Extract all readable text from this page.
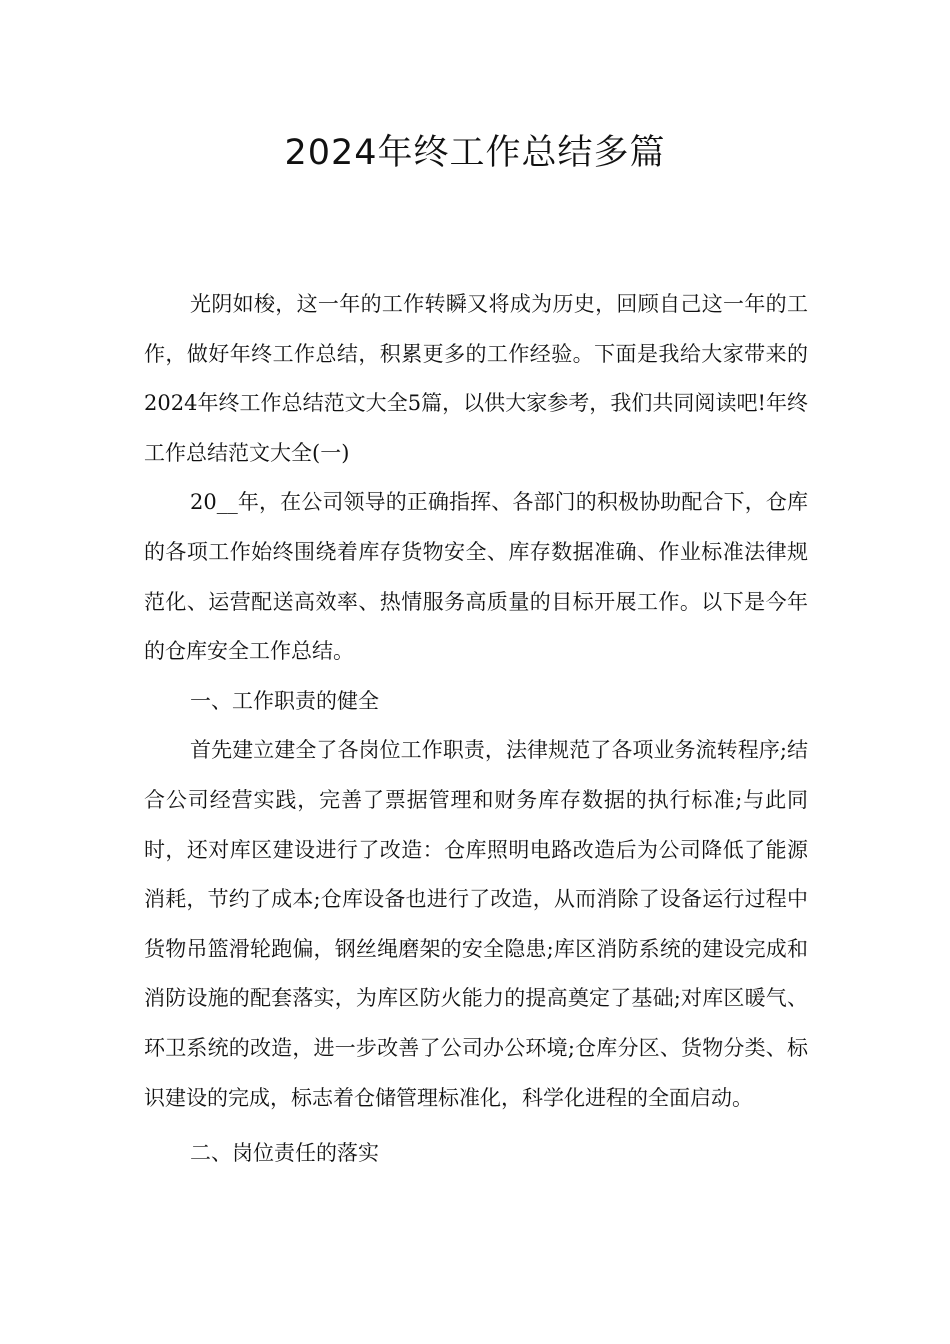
2024年终工作总结多篇

光阴如梭，这一年的工作转瞬又将成为历史，回顾自己这一年的工作，做好年终工作总结，积累更多的工作经验。下面是我给大家带来的2024年终工作总结范文大全5篇，以供大家参考，我们共同阅读吧!年终工作总结范文大全(一)

20__年，在公司领导的正确指挥、各部门的积极协助配合下，仓库的各项工作始终围绕着库存货物安全、库存数据准确、作业标准法律规范化、运营配送高效率、热情服务高质量的目标开展工作。以下是今年的仓库安全工作总结。

一、工作职责的健全

首先建立建全了各岗位工作职责，法律规范了各项业务流转程序;结合公司经营实践，完善了票据管理和财务库存数据的执行标准;与此同时，还对库区建设进行了改造：仓库照明电路改造后为公司降低了能源消耗，节约了成本;仓库设备也进行了改造，从而消除了设备运行过程中货物吊篮滑轮跑偏，钢丝绳磨架的安全隐患;库区消防系统的建设完成和消防设施的配套落实，为库区防火能力的提高奠定了基础;对库区暖气、环卫系统的改造，进一步改善了公司办公环境;仓库分区、货物分类、标识建设的完成，标志着仓储管理标准化，科学化进程的全面启动。

二、岗位责任的落实
